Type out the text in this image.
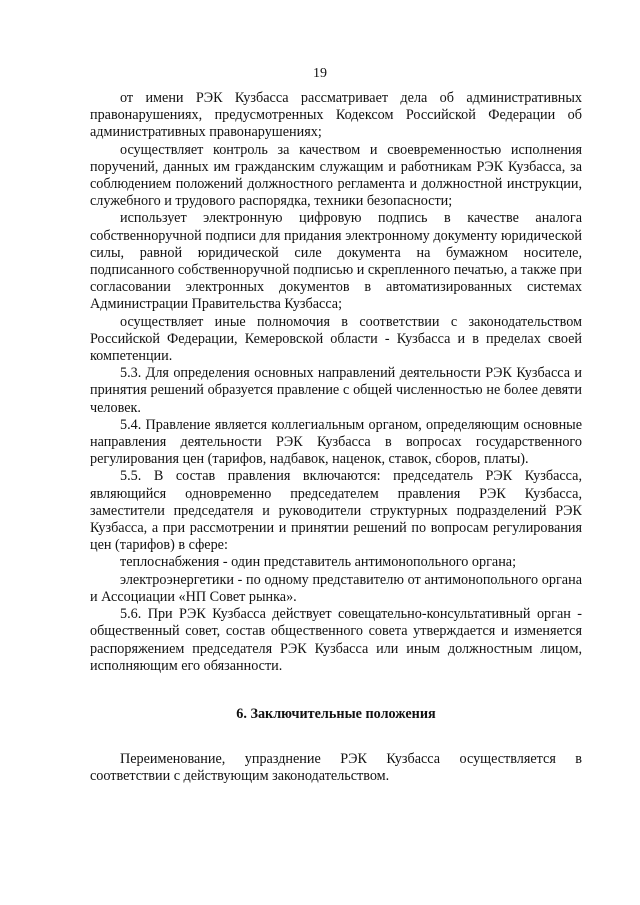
19

от имени РЭК Кузбасса рассматривает дела об административных правонарушениях, предусмотренных Кодексом Российской Федерации об административных правонарушениях;

осуществляет контроль за качеством и своевременностью исполнения поручений, данных им гражданским служащим и работникам РЭК Кузбасса, за соблюдением положений должностного регламента и должностной инструкции, служебного и трудового распорядка, техники безопасности;

использует электронную цифровую подпись в качестве аналога собственноручной подписи для придания электронному документу юридической силы, равной юридической силе документа на бумажном носителе, подписанного собственноручной подписью и скрепленного печатью, а также при согласовании электронных документов в автоматизированных системах Администрации Правительства Кузбасса;

осуществляет иные полномочия в соответствии с законодательством Российской Федерации, Кемеровской области - Кузбасса и в пределах своей компетенции.

5.3. Для определения основных направлений деятельности РЭК Кузбасса и принятия решений образуется правление с общей численностью не более девяти человек.

5.4. Правление является коллегиальным органом, определяющим основные направления деятельности РЭК Кузбасса в вопросах государственного регулирования цен (тарифов, надбавок, наценок, ставок, сборов, платы).

5.5. В состав правления включаются: председатель РЭК Кузбасса, являющийся одновременно председателем правления РЭК Кузбасса, заместители председателя и руководители структурных подразделений РЭК Кузбасса, а при рассмотрении и принятии решений по вопросам регулирования цен (тарифов) в сфере:

теплоснабжения - один представитель антимонопольного органа;

электроэнергетики - по одному представителю от антимонопольного органа и Ассоциации «НП Совет рынка».

5.6. При РЭК Кузбасса действует совещательно-консультативный орган - общественный совет, состав общественного совета утверждается и изменяется распоряжением председателя РЭК Кузбасса или иным должностным лицом, исполняющим его обязанности.

6. Заключительные положения

Переименование, упразднение РЭК Кузбасса осуществляется в соответствии с действующим законодательством.
